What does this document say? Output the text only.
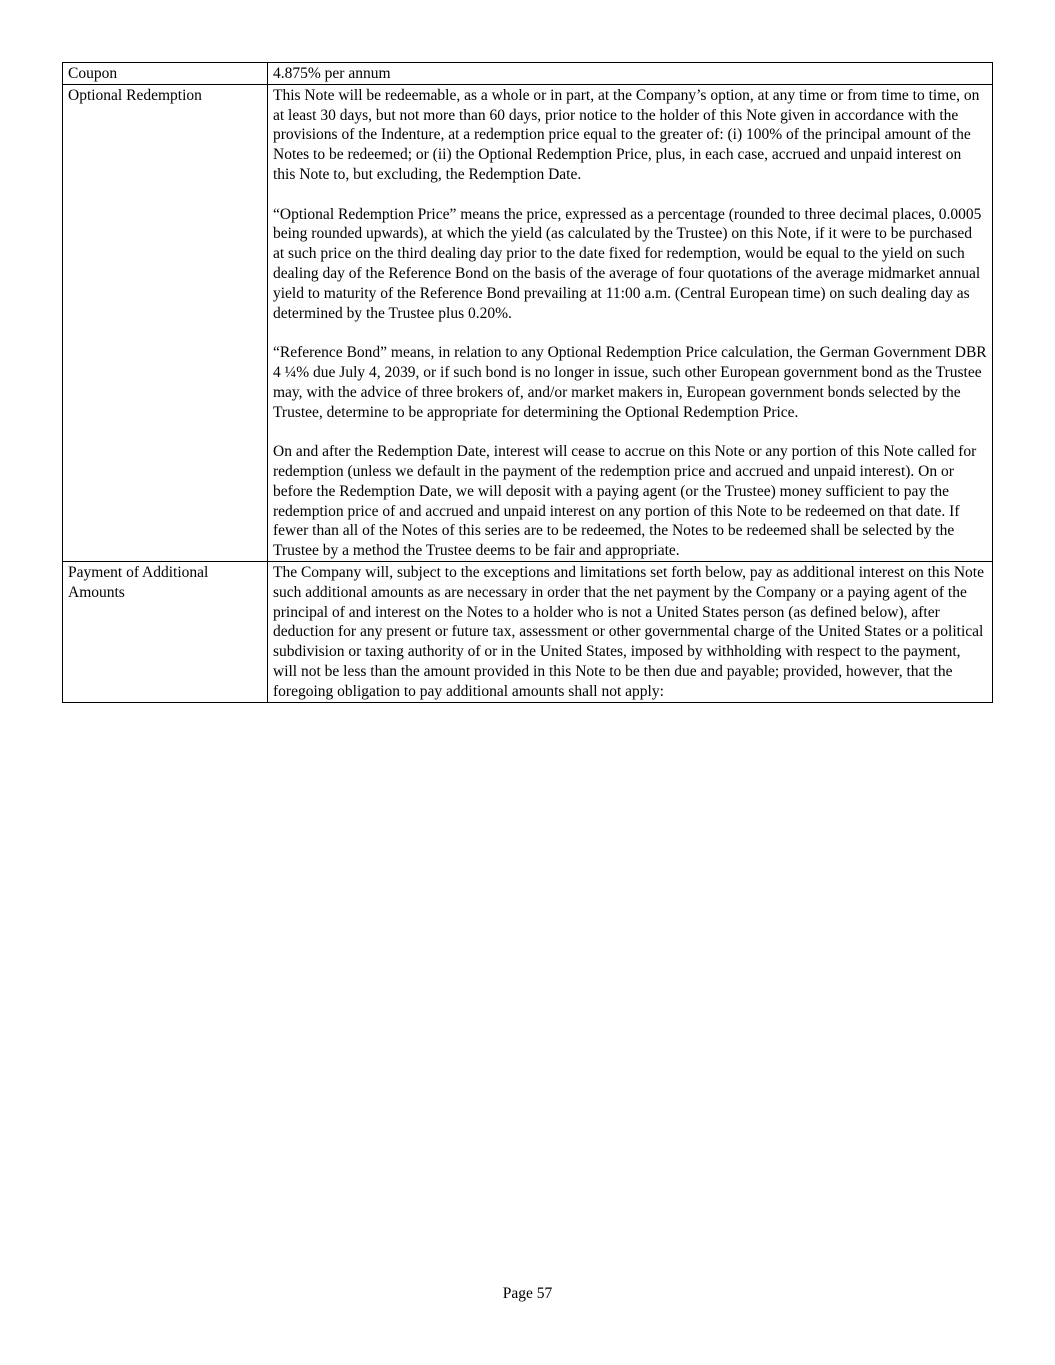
Coupon	4.875% per annum

Optional Redemption	This Note will be redeemable, as a whole or in part, at the Company’s option, at any time or from time to time, on at least 30 days, but not more than 60 days, prior notice to the holder of this Note given in accordance with the provisions of the Indenture, at a redemption price equal to the greater of: (i) 100% of the principal amount of the Notes to be redeemed; or (ii) the Optional Redemption Price, plus, in each case, accrued and unpaid interest on this Note to, but excluding, the Redemption Date.

“Optional Redemption Price” means the price, expressed as a percentage (rounded to three decimal places, 0.0005 being rounded upwards), at which the yield (as calculated by the Trustee) on this Note, if it were to be purchased at such price on the third dealing day prior to the date fixed for redemption, would be equal to the yield on such dealing day of the Reference Bond on the basis of the average of four quotations of the average midmarket annual yield to maturity of the Reference Bond prevailing at 11:00 a.m. (Central European time) on such dealing day as determined by the Trustee plus 0.20%.

“Reference Bond” means, in relation to any Optional Redemption Price calculation, the German Government DBR 4 ¼% due July 4, 2039, or if such bond is no longer in issue, such other European government bond as the Trustee may, with the advice of three brokers of, and/or market makers in, European government bonds selected by the Trustee, determine to be appropriate for determining the Optional Redemption Price.

On and after the Redemption Date, interest will cease to accrue on this Note or any portion of this Note called for redemption (unless we default in the payment of the redemption price and accrued and unpaid interest). On or before the Redemption Date, we will deposit with a paying agent (or the Trustee) money sufficient to pay the redemption price of and accrued and unpaid interest on any portion of this Note to be redeemed on that date. If fewer than all of the Notes of this series are to be redeemed, the Notes to be redeemed shall be selected by the Trustee by a method the Trustee deems to be fair and appropriate.

Payment of Additional Amounts	The Company will, subject to the exceptions and limitations set forth below, pay as additional interest on this Note such additional amounts as are necessary in order that the net payment by the Company or a paying agent of the principal of and interest on the Notes to a holder who is not a United States person (as defined below), after deduction for any present or future tax, assessment or other governmental charge of the United States or a political subdivision or taxing authority of or in the United States, imposed by withholding with respect to the payment, will not be less than the amount provided in this Note to be then due and payable; provided, however, that the foregoing obligation to pay additional amounts shall not apply:

Page 57
